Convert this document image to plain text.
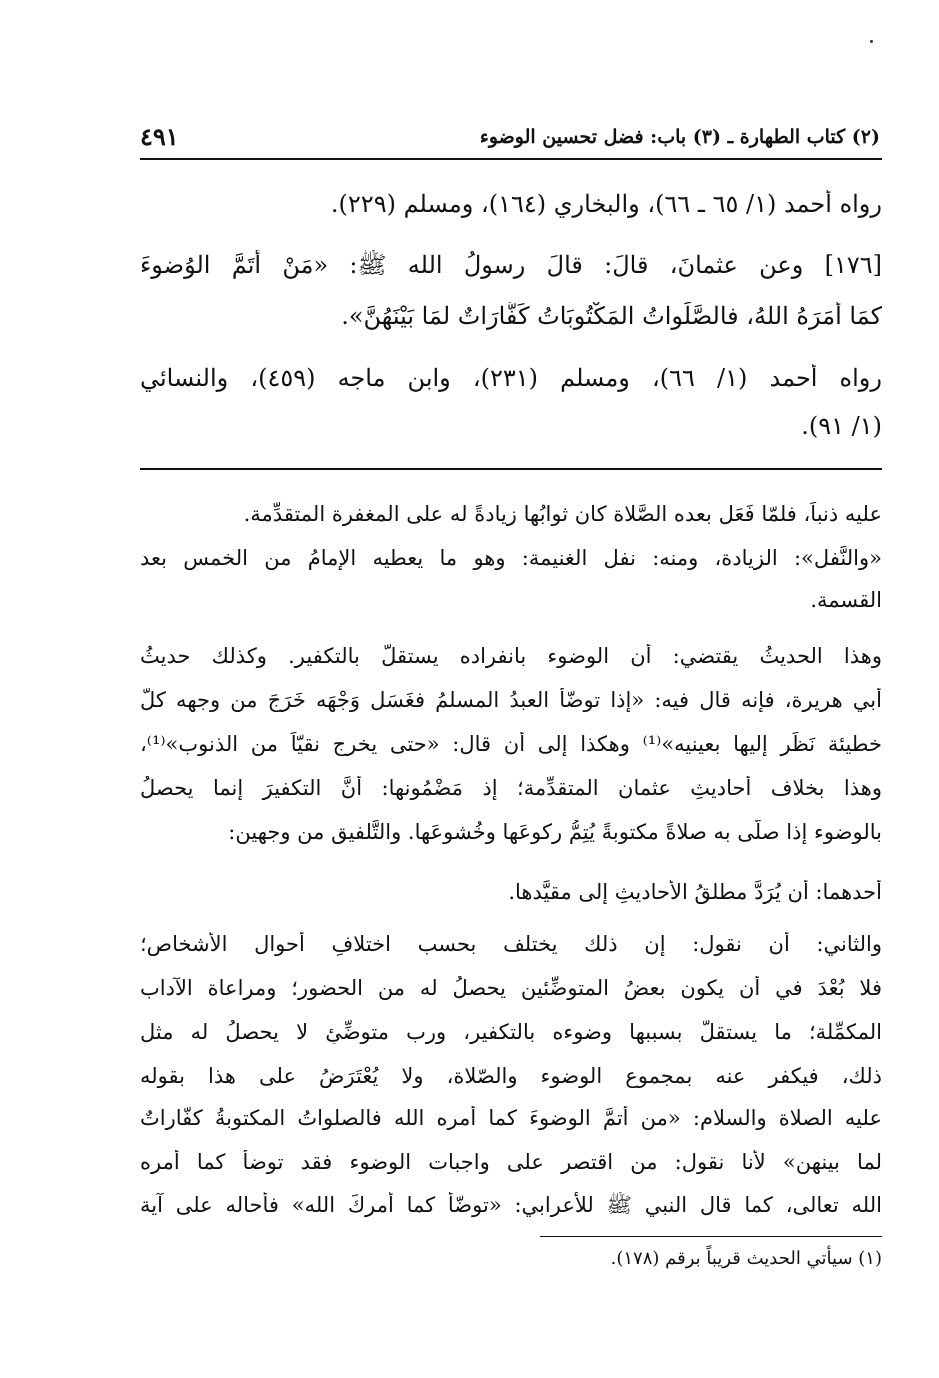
(٢) كتاب الطهارة ـ (٣) باب: فضل تحسين الوضوء
٤٩١
رواه أحمد (١/ ٦٥ ـ ٦٦)، والبخاري (١٦٤)، ومسلم (٢٢٩).
[١٧٦] وعن عثمانَ، قالَ: قالَ رسولُ الله ﷺ: «مَنْ أَتَمَّ الوُضوءَ
كمَا أَمَرَهُ اللهُ، فالصَّلَواتُ المَكْتُوبَاتُ كَفَّارَاتٌ لمَا بَيْنَهُنَّ».
رواه أحمد (١/ ٦٦)، ومسلم (٢٣١)، وابن ماجه (٤٥٩)، والنسائي
(١/ ٩١).
عليه ذنباً، فلمّا فَعَل بعده الصَّلاة كان ثوابُها زيادةً له على المغفرة المتقدِّمة.
«والنَّفل»: الزيادة، ومنه: نفل الغنيمة: وهو ما يعطيه الإمامُ من الخمس بعد
القسمة.
وهذا الحديثُ يقتضي: أن الوضوء بانفراده يستقلّ بالتكفير. وكذلك حديثُ
أبي هريرة، فإنه قال فيه: «إذا توضّأ العبدُ المسلمُ فغَسَل وَجْهَه خَرَجَ من وجهه كلُّ
خطيئة نَظَر إليها بعينيه»⁽¹⁾ وهكذا إلى أن قال: «حتى يخرج نقيّاً من الذنوب»⁽¹⁾،
وهذا بخلاف أحاديثِ عثمان المتقدِّمة؛ إذ مَضْمُونها: أنَّ التكفيرَ إنما يحصلُ
بالوضوء إذا صلّى به صلاةً مكتوبةً يُتِمُّ ركوعَها وخُشوعَها. والتَّلفيق من وجهين:
أحدهما: أن يُرَدَّ مطلقُ الأحاديثِ إلى مقيَّدها.
والثاني: أن نقول: إن ذلك يختلف بحسب اختلافِ أحوالِ الأشخاص؛
فلا بُعْدَ في أن يكون بعضُ المتوضِّئين يحصلُ له من الحضور؛ ومراعاة الآداب
المكمِّلة؛ ما يستقلُّ بسببها وضوءه بالتكفير، ورب متوضِّئٍ لا يحصلُ له مثل
ذلك، فيكفر عنه بمجموع الوضوء والصّلاة، ولا يُعْتَرَضُ على هذا بقوله
عليه الصلاة والسلام: «من أتمَّ الوضوءَ كما أمره الله فالصلواتُ المكتوبةُ كفّاراتٌ
لما بينهن» لأنا نقول: من اقتصر على واجبات الوضوء فقد توضأ كما أمره
الله تعالى، كما قال النبي ﷺ للأعرابي: «توضّأ كما أمركَ الله» فأحاله على آية
(١) سيأتي الحديث قريباً برقم (١٧٨).
